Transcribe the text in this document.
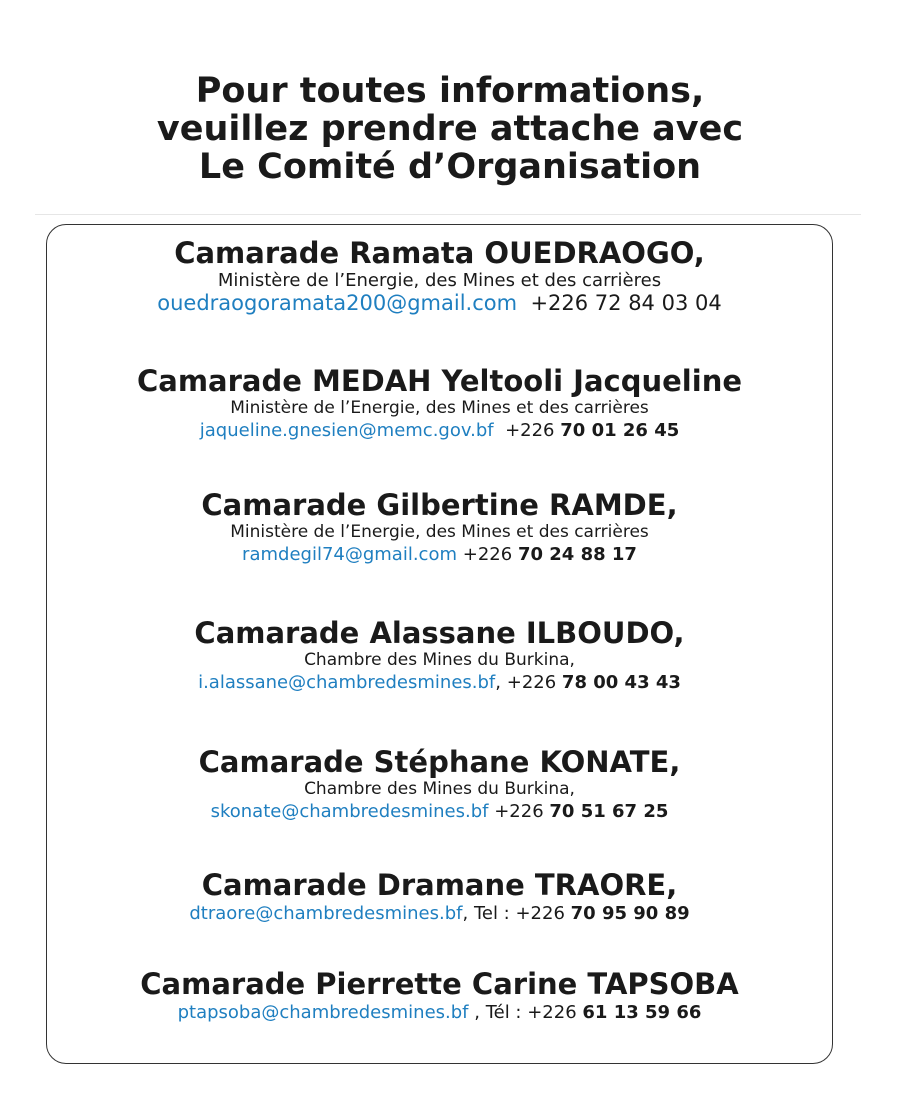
Pour toutes informations,
veuillez prendre attache avec
Le Comité d’Organisation
Camarade Ramata OUEDRAOGO,
Ministère de l’Energie, des Mines et des carrières
ouedraogoramata200@gmail.com +226 72 84 03 04
Camarade MEDAH Yeltooli Jacqueline
Ministère de l’Energie, des Mines et des carrières
jaqueline.gnesien@memc.gov.bf +226 70 01 26 45
Camarade Gilbertine RAMDE,
Ministère de l’Energie, des Mines et des carrières
ramdegil74@gmail.com +226 70 24 88 17
Camarade Alassane ILBOUDO,
Chambre des Mines du Burkina,
i.alassane@chambredesmines.bf, +226 78 00 43 43
Camarade Stéphane KONATE,
Chambre des Mines du Burkina,
skonate@chambredesmines.bf +226 70 51 67 25
Camarade Dramane TRAORE,
dtraore@chambredesmines.bf, Tel : +226 70 95 90 89
Camarade Pierrette Carine TAPSOBA
ptapsoba@chambredesmines.bf , Tél : +226 61 13 59 66
